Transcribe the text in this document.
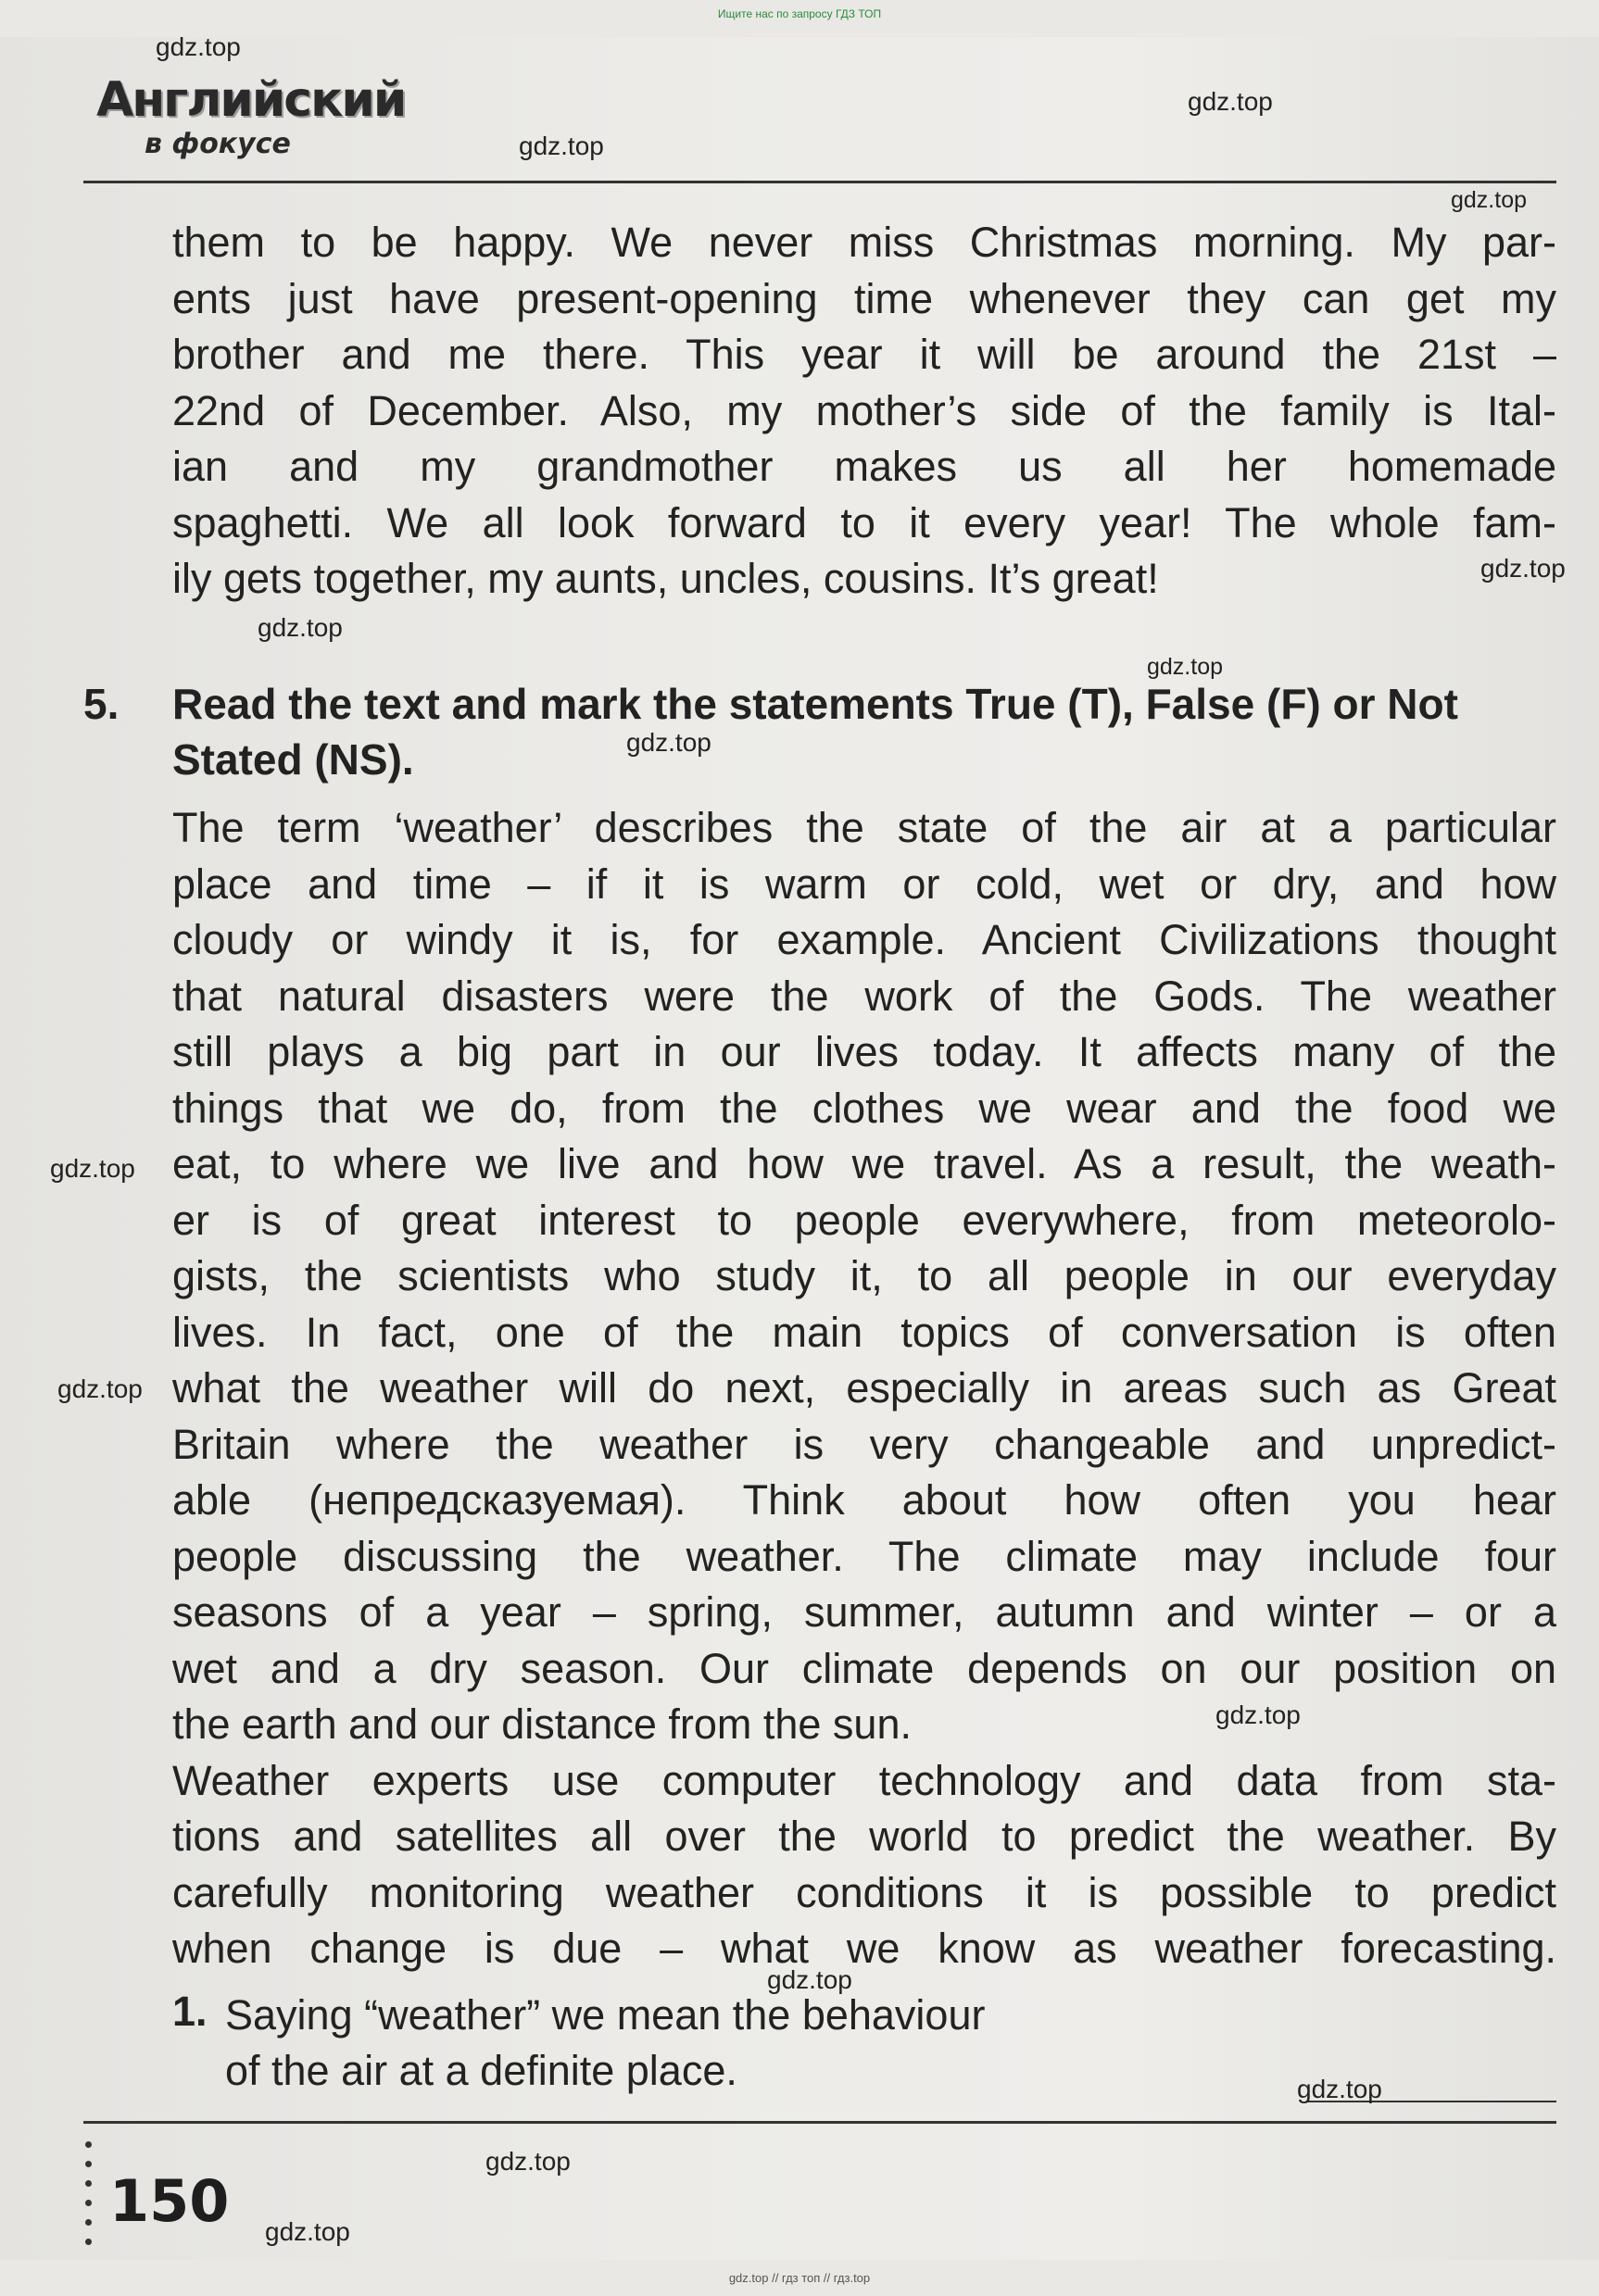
Ищите нас по запросу ГДЗ ТОП
Английский
в фокусе
gdz.top
gdz.top
gdz.top
gdz.top
them to be happy. We never miss Christmas morning. My par-
ents just have present-opening time whenever they can get my
brother and me there. This year it will be around the 21st –
22nd of December. Also, my mother’s side of the family is Ital-
ian and my grandmother makes us all her homemade
spaghetti. We all look forward to it every year! The whole fam-
ily gets together, my aunts, uncles, cousins. It’s great!	gdz.top
gdz.top
gdz.top
5. Read the text and mark the statements True (T), False (F) or Not Stated (NS).	gdz.top
The term ‘weather’ describes the state of the air at a particular
place and time – if it is warm or cold, wet or dry, and how
cloudy or windy it is, for example. Ancient Civilizations thought
that natural disasters were the work of the Gods. The weather
still plays a big part in our lives today. It affects many of the
things that we do, from the clothes we wear and the food we
eat, to where we live and how we travel. As a result, the weath-
er is of great interest to people everywhere, from meteorolo-
gists, the scientists who study it, to all people in our everyday
lives. In fact, one of the main topics of conversation is often
what the weather will do next, especially in areas such as Great
Britain where the weather is very changeable and unpredict-
able (непредсказуемая). Think about how often you hear
people discussing the weather. The climate may include four
seasons of a year – spring, summer, autumn and winter – or a
wet and a dry season. Our climate depends on our position on
the earth and our distance from the sun.
Weather experts use computer technology and data from sta-
tions and satellites all over the world to predict the weather. By
carefully monitoring weather conditions it is possible to predict
when change is due – what we know as weather forecasting.
gdz.top
gdz.top
gdz.top
gdz.top
1. Saying “weather” we mean the behaviour
of the air at a definite place.	gdz.top
gdz.top
150 gdz.top
gdz.top // гдз топ // гдз.top
